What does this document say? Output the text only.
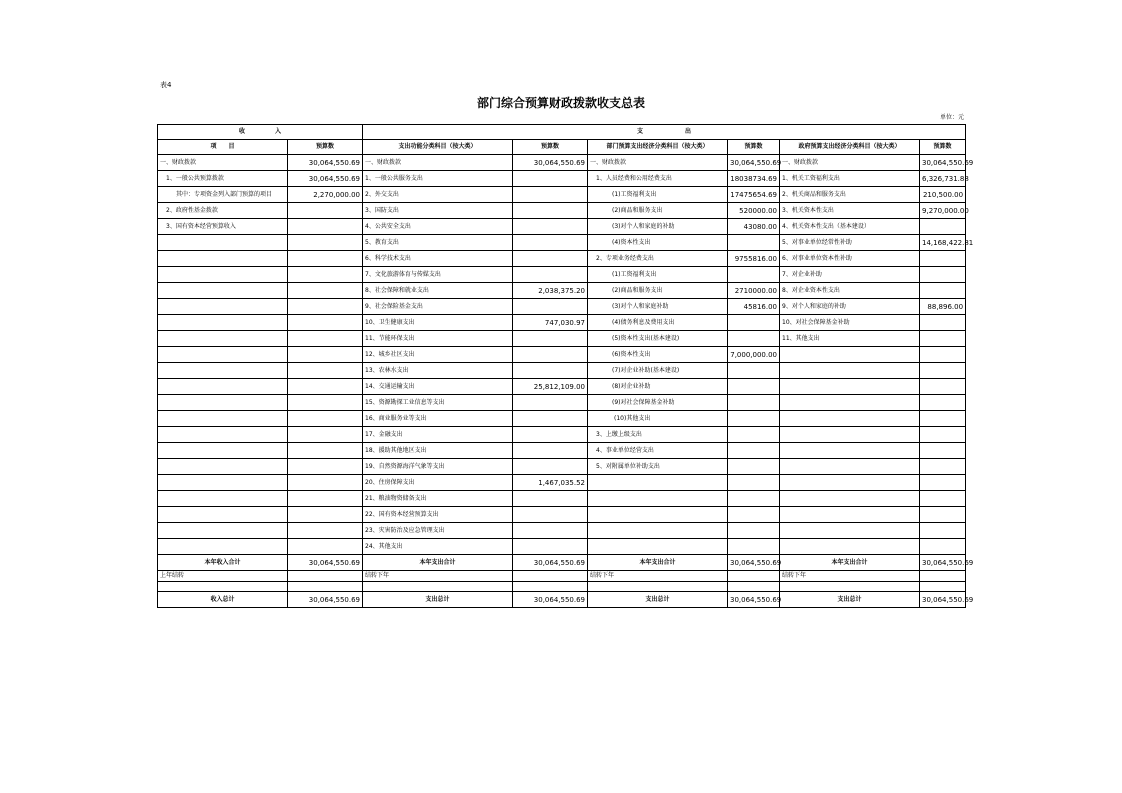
表4
部门综合预算财政拨款收支总表
单位：元
收　　　　　入		支　　　　　　　出					
项　　目	预算数	支出功能分类科目（按大类）	预算数	部门预算支出经济分类科目（按大类）	预算数	政府预算支出经济分类科目（按大类）	预算数
一、财政拨款	30,064,550.69	一、财政拨款	30,064,550.69	一、财政拨款	30,064,550.69	一、财政拨款	30,064,550.69
1、一般公共预算拨款	30,064,550.69	1、一般公共服务支出		1、人员经费和公用经费支出	18038734.69	1、机关工资福利支出	6,326,731.88
其中：专项资金列入部门预算的项目	2,270,000.00	2、外交支出		(1)工资福利支出	17475654.69	2、机关商品和服务支出	210,500.00
2、政府性基金拨款		3、国防支出		(2)商品和服务支出	520000.00	3、机关资本性支出	9,270,000.00
3、国有资本经营预算收入		4、公共安全支出		(3)对个人和家庭的补助	43080.00	4、机关资本性支出（基本建设）	
		5、教育支出		(4)资本性支出		5、对事业单位经常性补助	14,168,422.81
		6、科学技术支出		2、专项业务经费支出	9755816.00	6、对事业单位资本性补助	
		7、文化旅游体育与传媒支出		(1)工资福利支出		7、对企业补助	
		8、社会保障和就业支出	2,038,375.20	(2)商品和服务支出	2710000.00	8、对企业资本性支出	
		9、社会保险基金支出		(3)对个人和家庭补助	45816.00	9、对个人和家庭的补助	88,896.00
		10、卫生健康支出	747,030.97	(4)债务利息及费用支出		10、对社会保障基金补助	
		11、节能环保支出		(5)资本性支出(基本建设)		11、其他支出	
		12、城乡社区支出		(6)资本性支出	7,000,000.00		
		13、农林水支出		(7)对企业补助(基本建设)			
		14、交通运输支出	25,812,109.00	(8)对企业补助			
		15、资源勘探工业信息等支出		(9)对社会保障基金补助			
		16、商业服务业等支出		(10)其他支出			
		17、金融支出		3、上缴上级支出			
		18、援助其他地区支出		4、事业单位经营支出			
		19、自然资源海洋气象等支出		5、对附属单位补助支出			
		20、住房保障支出	1,467,035.52				
		21、粮油物资储备支出					
		22、国有资本经营预算支出					
		23、灾害防治及应急管理支出					
		24、其他支出					
本年收入合计	30,064,550.69	本年支出合计	30,064,550.69	本年支出合计	30,064,550.69	本年支出合计	30,064,550.69
上年结转		结转下年		结转下年		结转下年	

收入总计	30,064,550.69	支出总计	30,064,550.69	支出总计	30,064,550.69	支出总计	30,064,550.69
